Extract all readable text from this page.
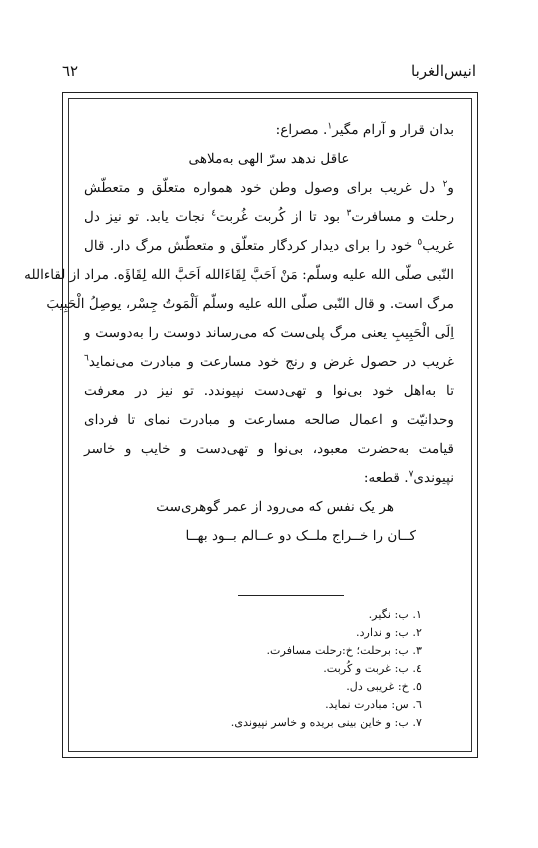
انیس‌الغربا
٦٢
بدان قرار و آرام مگیر$^١$. مصراع:
عاقل ندهد سرّ الهی به‌ملاهی
و$^٢$ دل غریب برای وصول وطن خود همواره متعلّق و متعطّش
رحلت و مسافرت$^٣$ بود تا از کُربت غُربت$^٤$ نجات یابد. تو نیز دل
غریب$^٥$ خود را برای دیدار کردگار متعلّق و متعطّش مرگ دار. قال
النّبی صلّی الله علیه وسلّم: مَنْ اَحَبَّ لِقَاءَالله اَحَبَّ الله لِقَاؤَه. مراد از لقاءالله
مرگ است. و قال النّبی صلّی الله علیه وسلّم اَلْمَوتُ جِسْر، یوصِلُ الْحَبِیبَ
اِلَی الْحَبِیبِ یعنی مرگ پلی‌ست که می‌رساند دوست را به‌دوست و
غریب در حصول غرض و رنج خود مسارعت و مبادرت می‌نماید$^٦$
تا به‌اهل خود بی‌نوا و تهی‌دست نپیوندد. تو نیز در معرفت
وحدانیّت و اعمال صالحه مسارعت و مبادرت نمای تا فردای
قیامت به‌حضرت معبود، بی‌نوا و تهی‌دست و خایب و خاسر
نپیوندی$^٧$. قطعه:
هر یک نفس که می‌رود از عمر گوهری‌ست
کــان را خــراج ملــک دو عــالم بــود بهــا
١. ب: نگیر.
٢. ب: و ندارد.
٣. ب: برحلت؛ خ:رحلت مسافرت.
٤. ب: غربت و کُربت.
٥. خ: غریبی دل.
٦. س: مبادرت نماید.
٧. ب: و خاین بینی بریده و خاسر نپیوندی.
